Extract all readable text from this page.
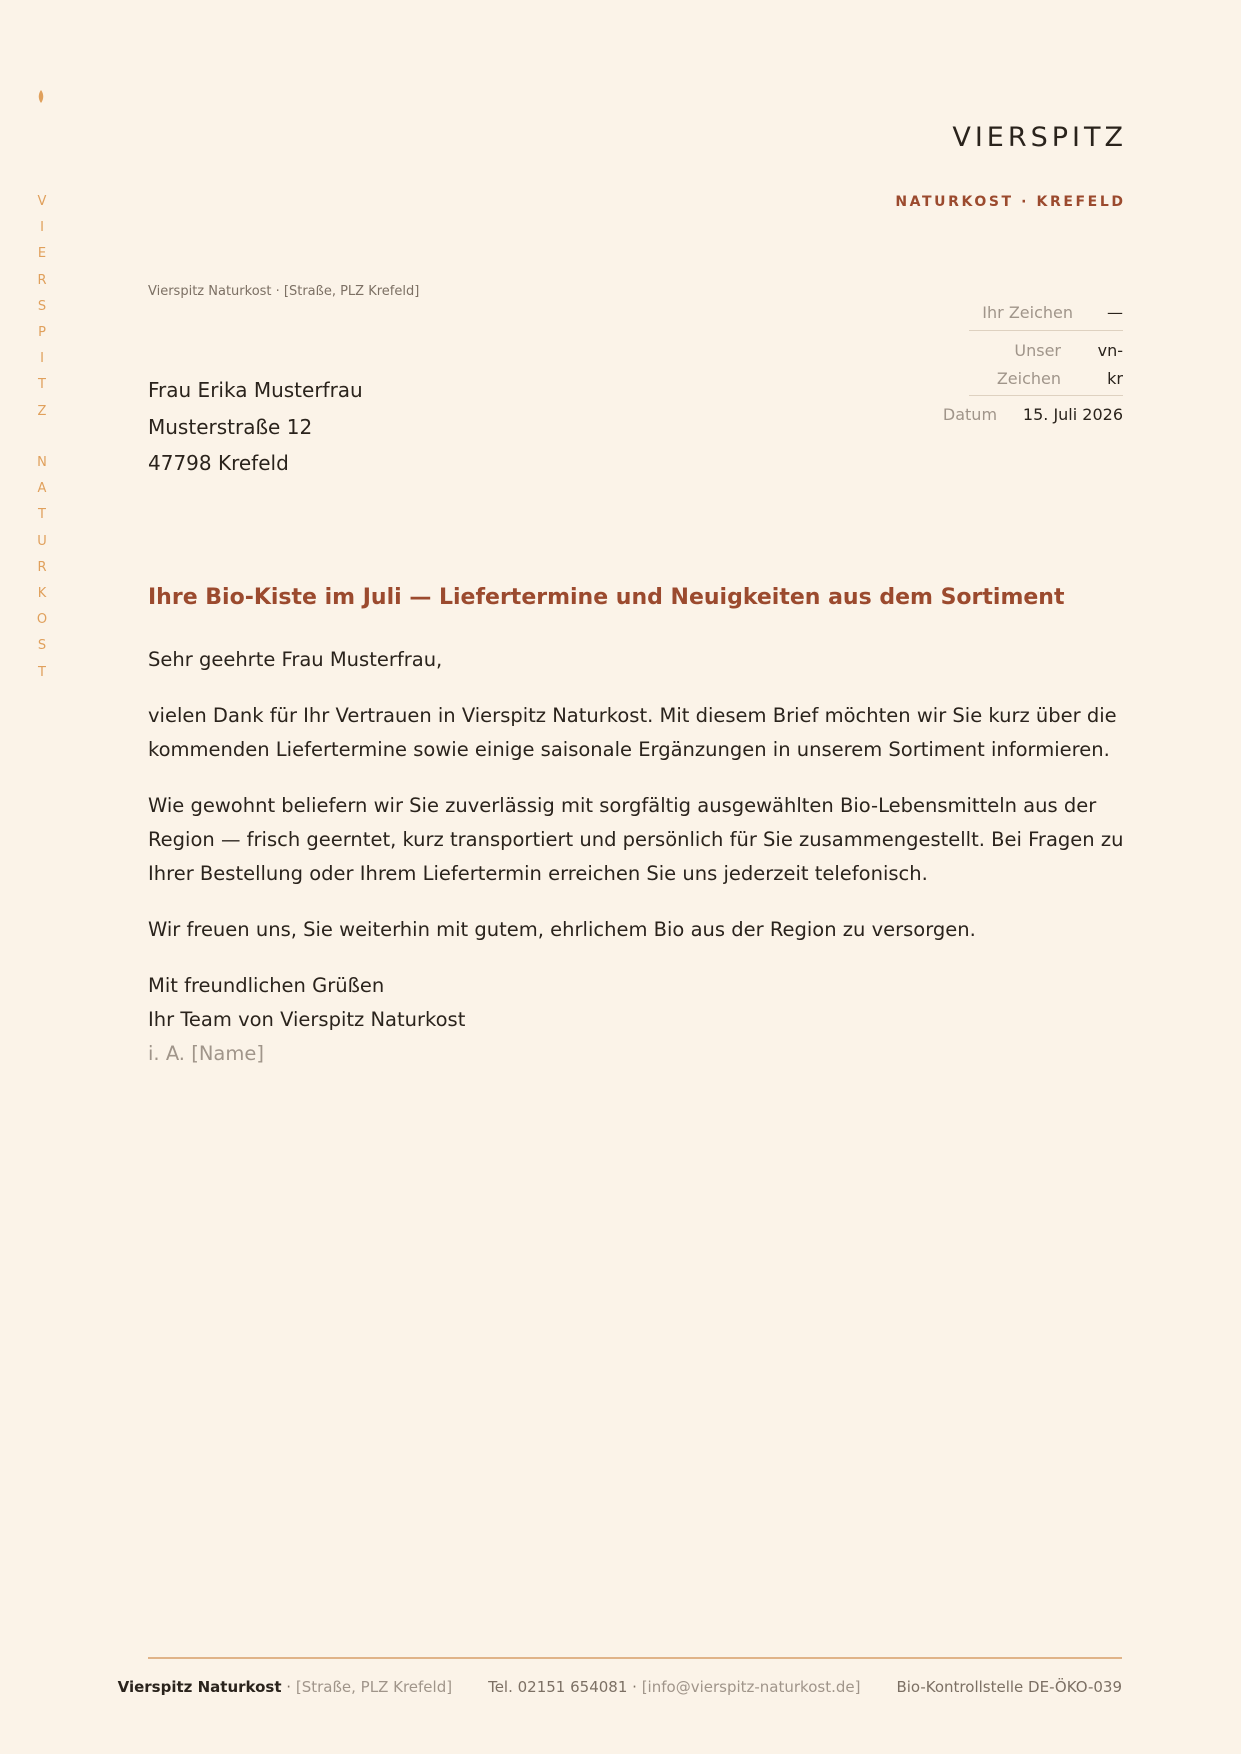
V
I
E
R
S
P
I
T
Z
N
A
T
U
R
K
O
S
T
VIERSPITZ
NATURKOST · KREFELD
Vierspitz Naturkost · [Straße, PLZ Krefeld]
Ihr Zeichen	—
Unser
Zeichen
vn-
kr
Datum	15. Juli 2026
Frau Erika Musterfrau
Musterstraße 12
47798 Krefeld
Ihre Bio-Kiste im Juli — Liefertermine und Neuigkeiten aus dem Sortiment

Sehr geehrte Frau Musterfrau,

vielen Dank für Ihr Vertrauen in Vierspitz Naturkost. Mit diesem Brief möchten wir Sie kurz über die kommenden Liefertermine sowie einige saisonale Ergänzungen in unserem Sortiment informieren.

Wie gewohnt beliefern wir Sie zuverlässig mit sorgfältig ausgewählten Bio-Lebensmitteln aus der Region — frisch geerntet, kurz transportiert und persönlich für Sie zusammengestellt. Bei Fragen zu Ihrer Bestellung oder Ihrem Liefertermin erreichen Sie uns jederzeit telefonisch.

Wir freuen uns, Sie weiterhin mit gutem, ehrlichem Bio aus der Region zu versorgen.

Mit freundlichen Grüßen
Ihr Team von Vierspitz Naturkost
i. A. [Name]
Vierspitz Naturkost · [Straße, PLZ Krefeld] Tel. 02151 654081 · [info@vierspitz-naturkost.de] Bio-Kontrollstelle DE-ÖKO-039
